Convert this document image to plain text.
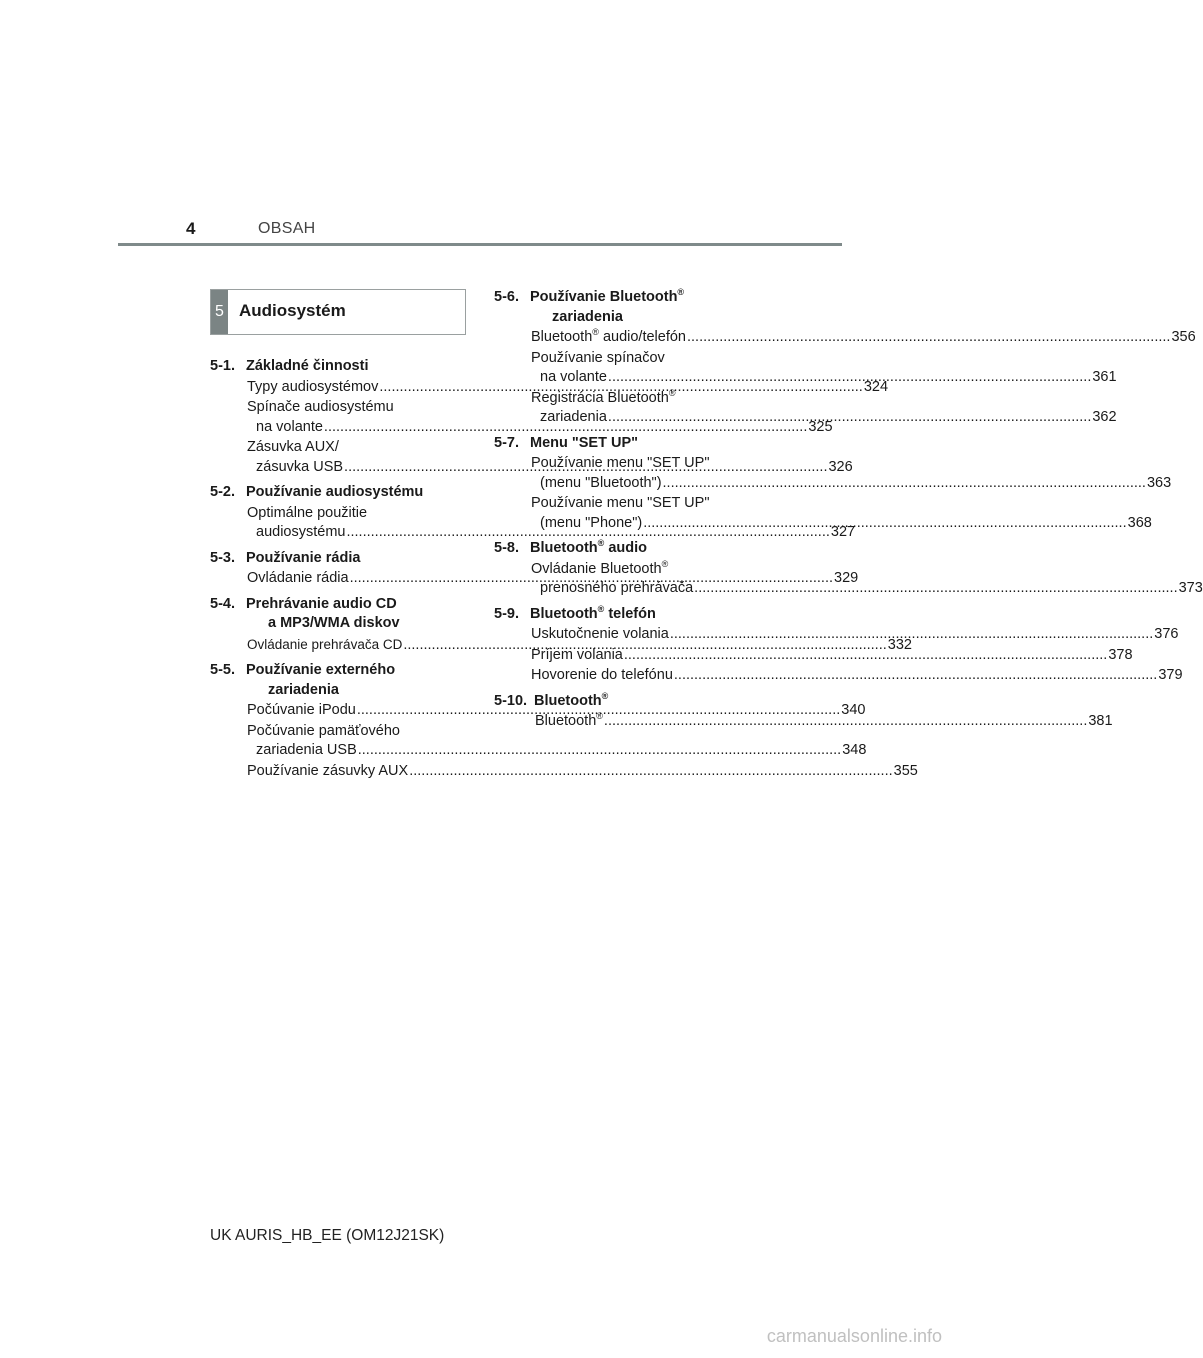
4	OBSAH
5 Audiosystém
5-1. Základné činnosti
Typy audiosystémov .....	324
Spínače audiosystému
na volante .....	325
Zásuvka AUX/
zásuvka USB .....	326
5-2. Používanie audiosystému
Optimálne použitie
audiosystému .....	327
5-3. Používanie rádia
Ovládanie rádia .....	329
5-4. Prehrávanie audio CD
a MP3/WMA diskov
Ovládanie prehrávača CD .....	332
5-5. Používanie externého
zariadenia
Počúvanie iPodu .....	340
Počúvanie pamäťového
zariadenia USB .....	348
Používanie zásuvky AUX .....	355
5-6. Používanie Bluetooth®
zariadenia
Bluetooth® audio/telefón .....	356
Používanie spínačov
na volante .....	361
Registrácia Bluetooth®
zariadenia .....	362
5-7. Menu "SET UP"
Používanie menu "SET UP"
(menu "Bluetooth") .....	363
Používanie menu "SET UP"
(menu "Phone") .....	368
5-8. Bluetooth® audio
Ovládanie Bluetooth®
prenosného prehrávača .....	373
5-9. Bluetooth® telefón
Uskutočnenie volania .....	376
Príjem volania .....	378
Hovorenie do telefónu .....	379
5-10. Bluetooth®
Bluetooth® .....	381
UK AURIS_HB_EE (OM12J21SK)
carmanualsonline.info
